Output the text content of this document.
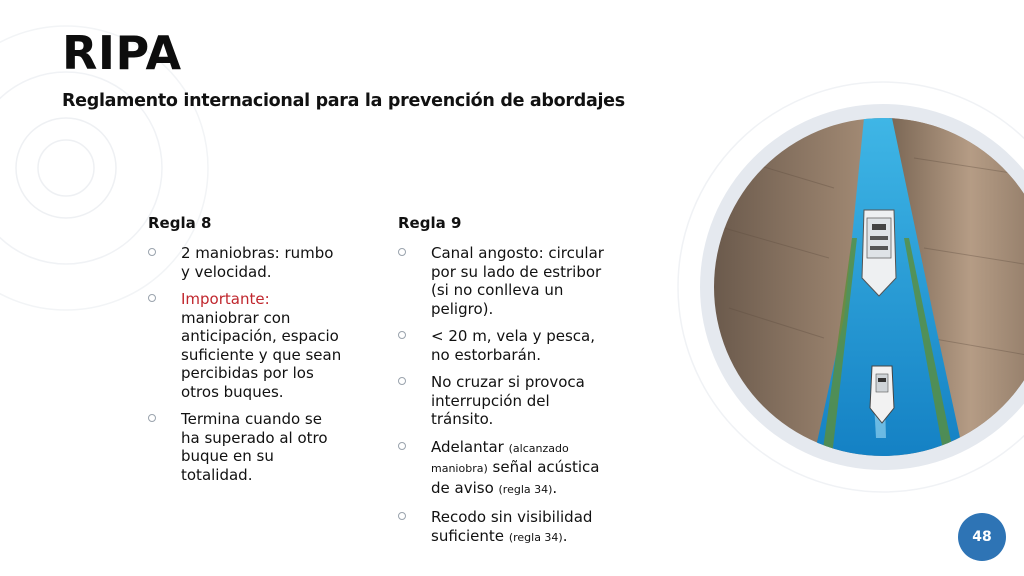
RIPA
Reglamento internacional para la prevención de abordajes
Regla 8
2 maniobras: rumbo y velocidad.
Importante: maniobrar con anticipación, espacio suficiente y que sean percibidas por los otros buques.
Termina cuando se ha superado al otro buque en su totalidad.
Regla 9
Canal angosto: circular por su lado de estribor (si no conlleva un peligro).
< 20 m, vela y pesca, no estorbarán.
No cruzar si provoca interrupción del tránsito.
Adelantar (alcanzado maniobra) señal acústica de aviso (regla 34).
Recodo sin visibilidad suficiente (regla 34).	48
